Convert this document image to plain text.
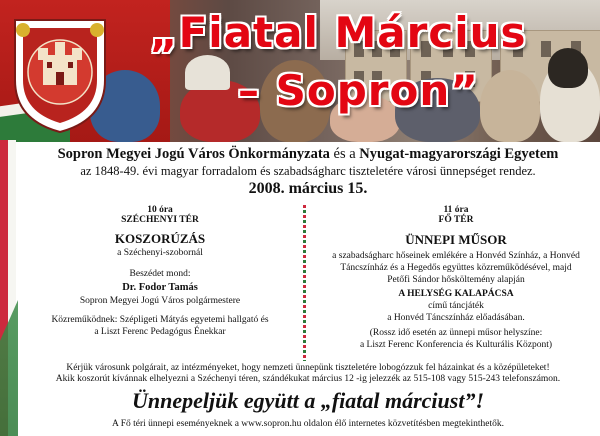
„Fiatal Március
– Sopron”
Sopron Megyei Jogú Város Önkormányzata és a Nyugat-magyarországi Egyetem
az 1848-49. évi magyar forradalom és szabadságharc tiszteletére városi ünnepséget rendez.
2008. március 15.
10 óra
SZÉCHENYI TÉR
KOSZORÚZÁS
a Széchenyi-szobornál
Beszédet mond:
Dr. Fodor Tamás
Sopron Megyei Jogú Város polgármestere
Közreműködnek: Szépligeti Mátyás egyetemi hallgató és
a Liszt Ferenc Pedagógus Énekkar
11 óra
FŐ TÉR
ÜNNEPI MŰSOR
a szabadságharc hőseinek emlékére a Honvéd Színház, a Honvéd
Táncszínház és a Hegedős együttes közreműködésével, majd
Petőfi Sándor hősköltemény alapján
A HELYSÉG KALAPÁCSA
című táncjáték
a Honvéd Táncszínház előadásában.
(Rossz idő esetén az ünnepi műsor helyszíne:
a Liszt Ferenc Konferencia és Kulturális Központ)
Kérjük városunk polgárait, az intézményeket, hogy nemzeti ünnepünk tiszteletére lobogózzuk fel házainkat és a középületeket!
Akik koszorút kívánnak elhelyezni a Széchenyi téren, szándékukat március 12 -ig jelezzék az 515-108 vagy 515-243 telefonszámon.
Ünnepeljük együtt a „fiatal márciust”!
A Fő téri ünnepi eseményeknek a www.sopron.hu oldalon élő internetes közvetítésben megtekinthetők.
